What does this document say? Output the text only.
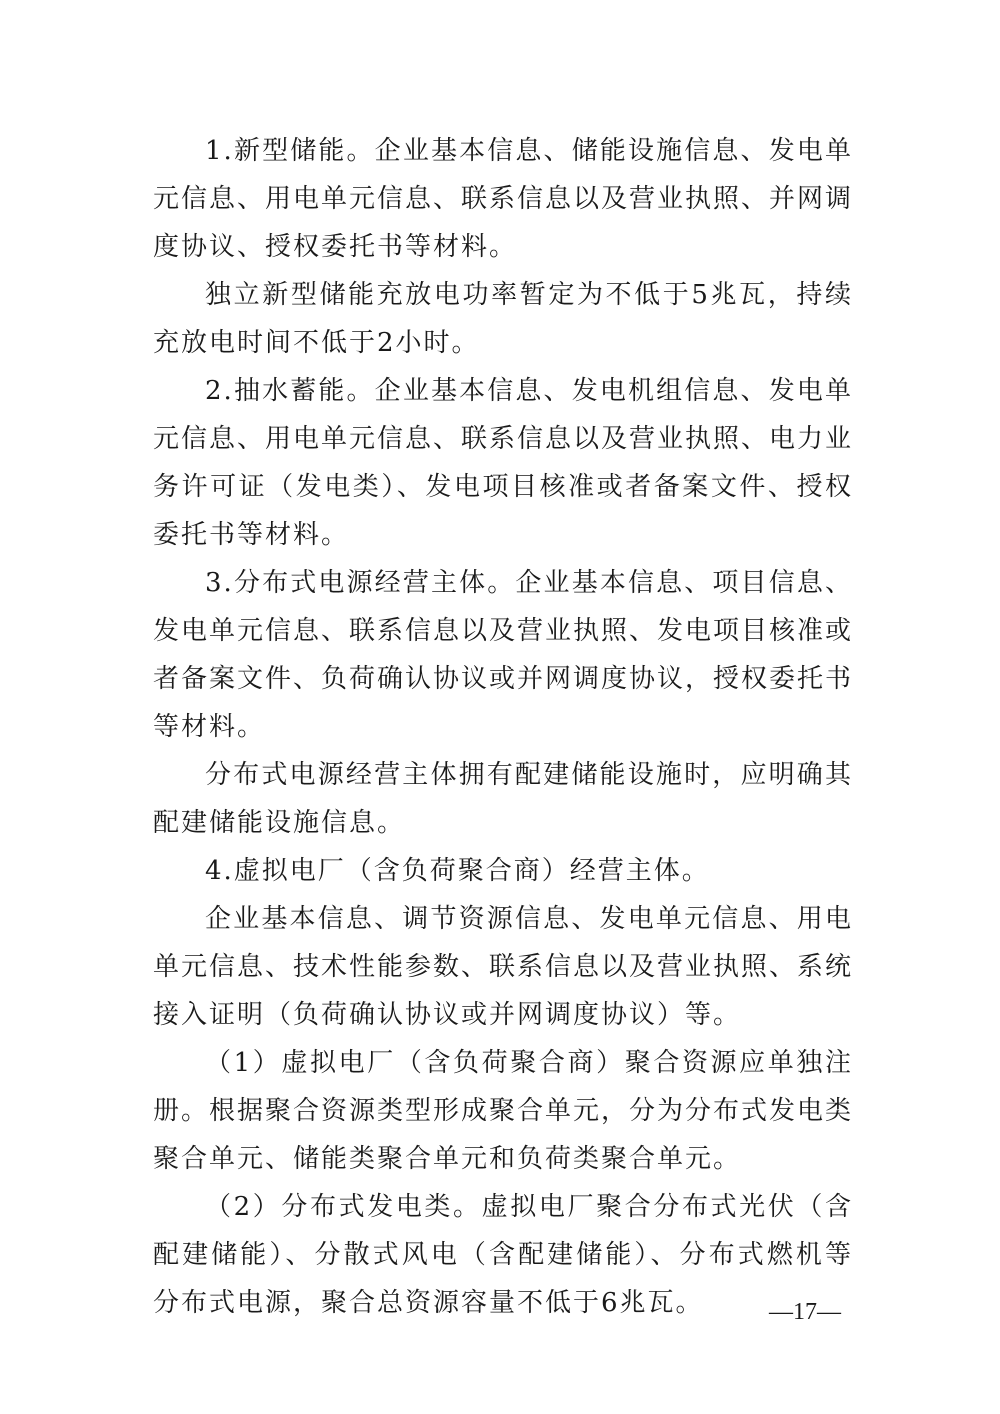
1.新型储能。企业基本信息、储能设施信息、发电单元信息、用电单元信息、联系信息以及营业执照、并网调度协议、授权委托书等材料。

独立新型储能充放电功率暂定为不低于5兆瓦，持续充放电时间不低于2小时。

2.抽水蓄能。企业基本信息、发电机组信息、发电单元信息、用电单元信息、联系信息以及营业执照、电力业务许可证（发电类）、发电项目核准或者备案文件、授权委托书等材料。

3.分布式电源经营主体。企业基本信息、项目信息、发电单元信息、联系信息以及营业执照、发电项目核准或者备案文件、负荷确认协议或并网调度协议，授权委托书等材料。

分布式电源经营主体拥有配建储能设施时，应明确其配建储能设施信息。

4.虚拟电厂（含负荷聚合商）经营主体。

企业基本信息、调节资源信息、发电单元信息、用电单元信息、技术性能参数、联系信息以及营业执照、系统接入证明（负荷确认协议或并网调度协议）等。

（1）虚拟电厂（含负荷聚合商）聚合资源应单独注册。根据聚合资源类型形成聚合单元，分为分布式发电类聚合单元、储能类聚合单元和负荷类聚合单元。

（2）分布式发电类。虚拟电厂聚合分布式光伏（含配建储能）、分散式风电（含配建储能）、分布式燃机等分布式电源，聚合总资源容量不低于6兆瓦。	—17—
